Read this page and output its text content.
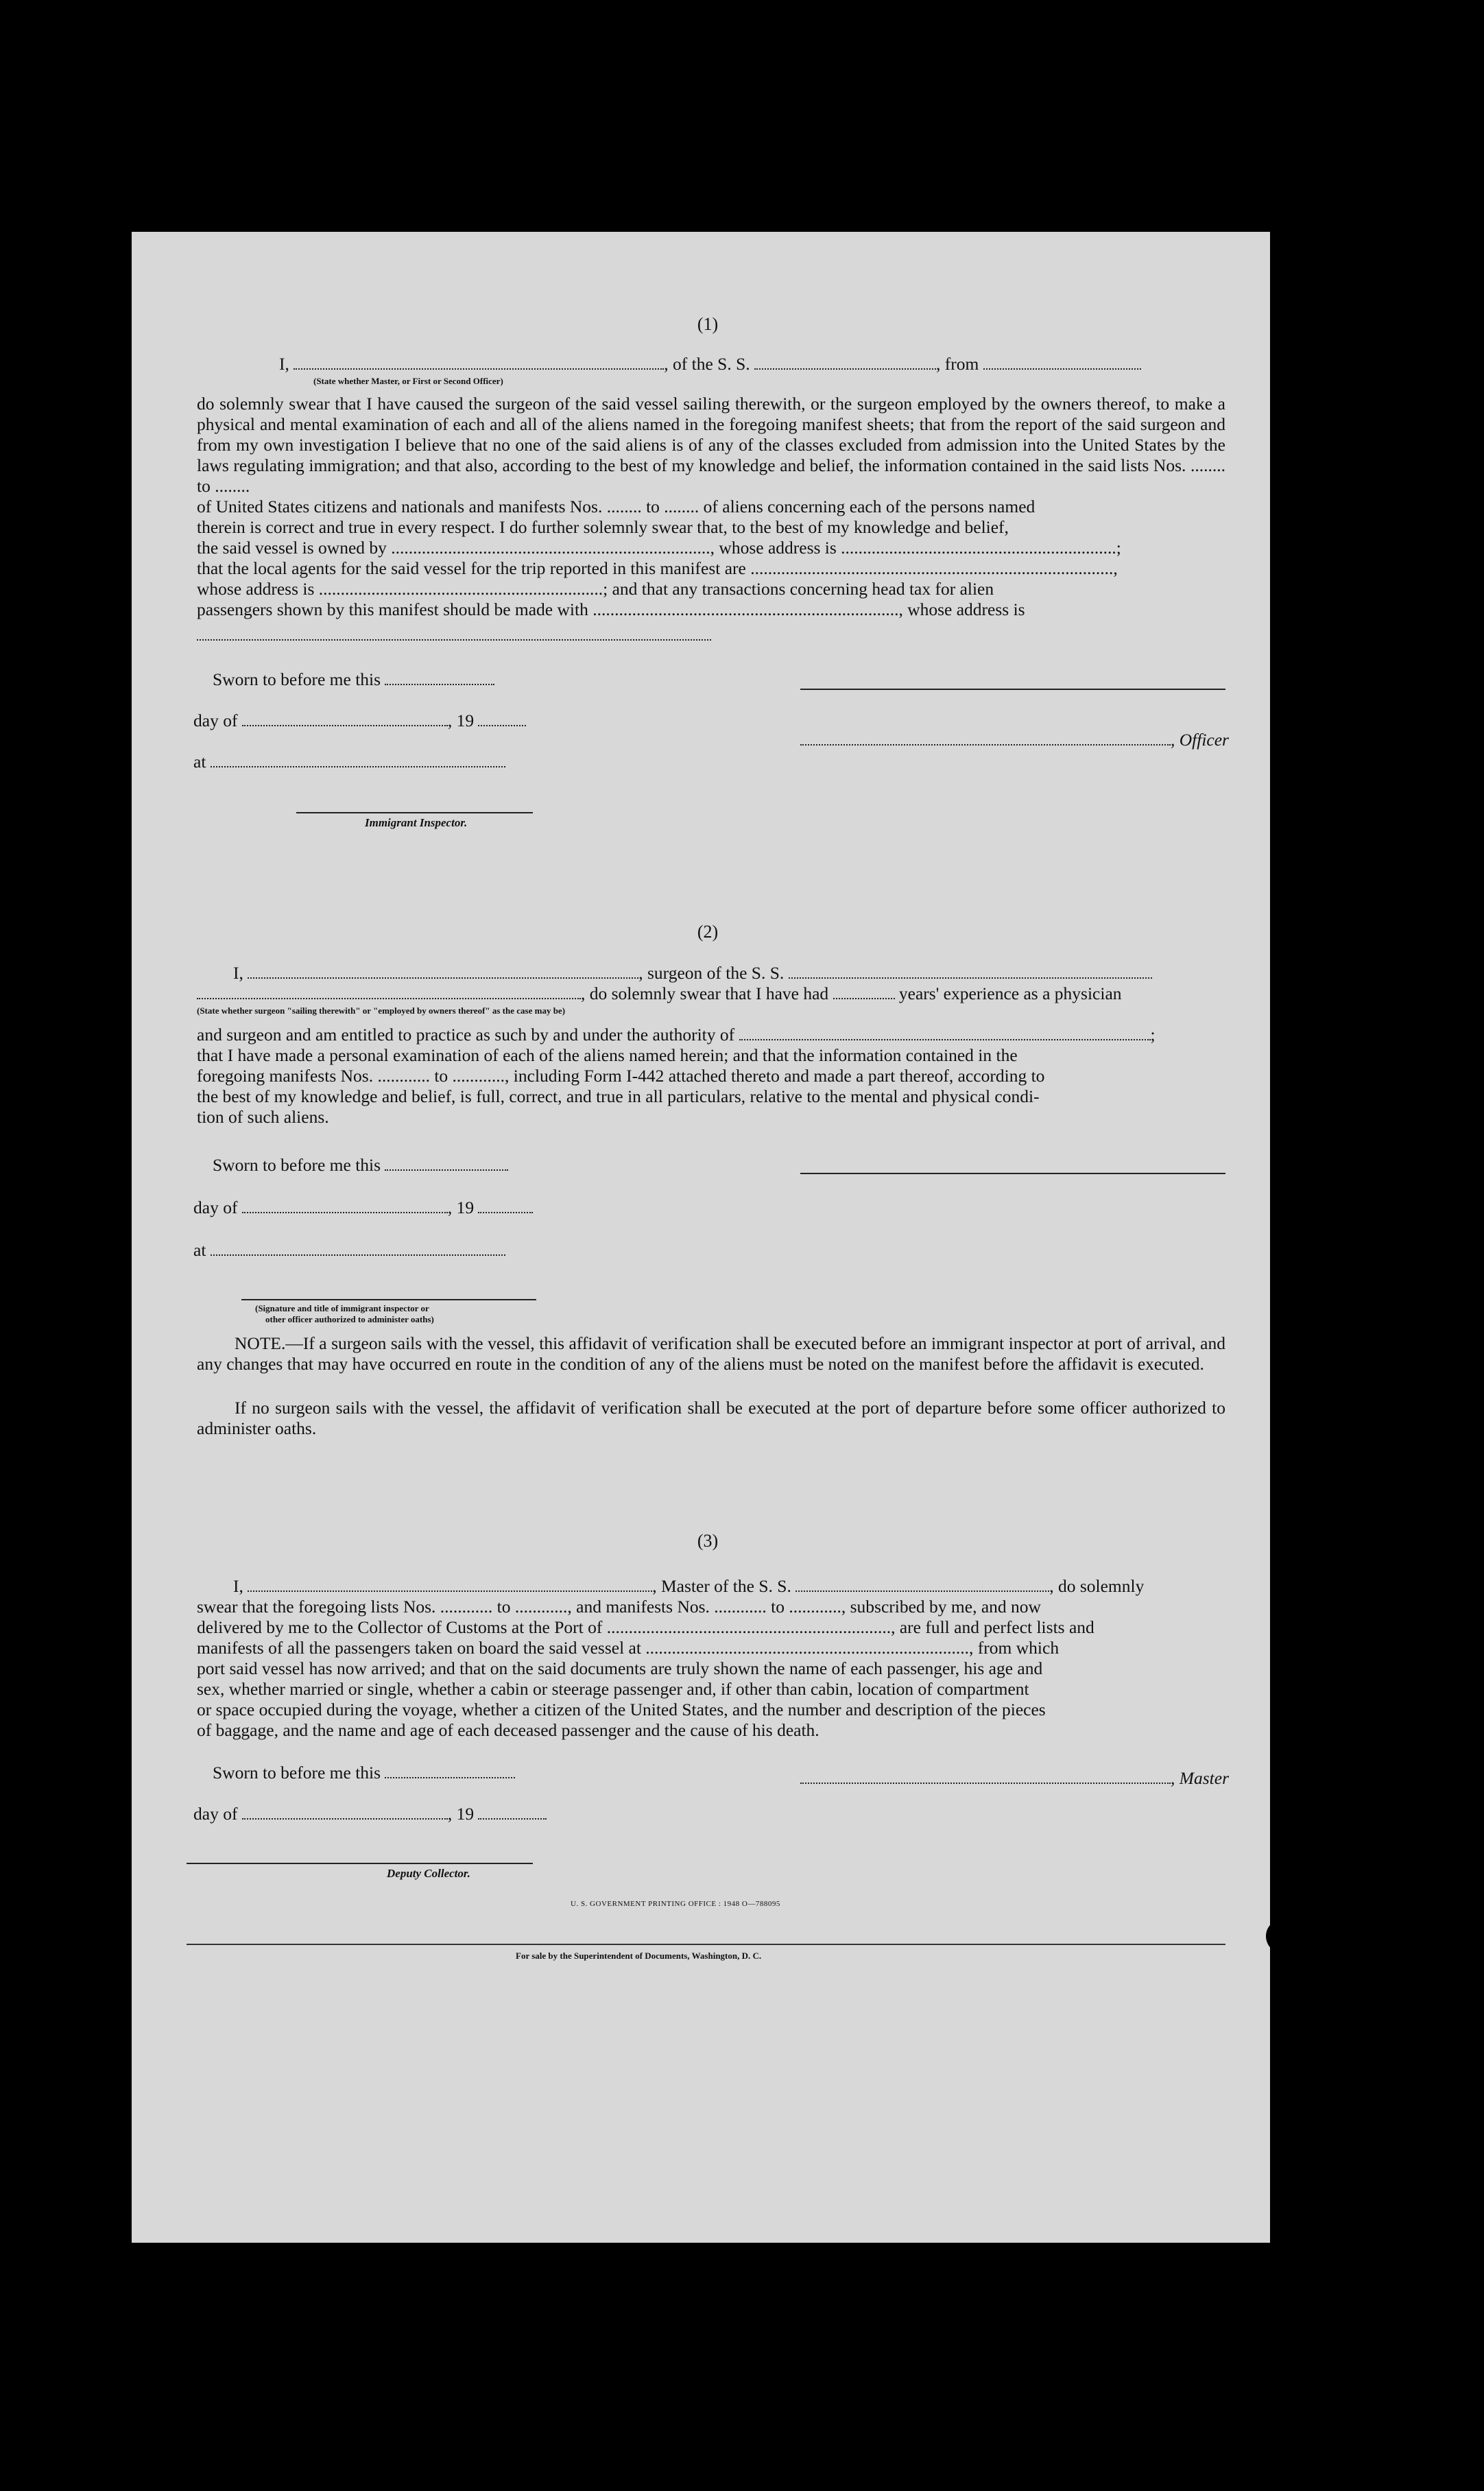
(1)
I,	, of the S. S.	, from
(State whether Master, or First or Second Officer)
do solemnly swear that I have caused the surgeon of the said vessel sailing therewith, or the surgeon employed by the owners thereof, to make a physical and mental examination of each and all of the aliens named in the foregoing manifest sheets; that from the report of the said surgeon and from my own investigation I believe that no one of the said aliens is of any of the classes excluded from admission into the United States by the laws regulating immigration; and that also, according to the best of my knowledge and belief, the information contained in the said lists Nos. ........ to ........
of United States citizens and nationals and manifests Nos. ........ to ........ of aliens concerning each of the persons named
therein is correct and true in every respect. I do further solemnly swear that, to the best of my knowledge and belief,
the said vessel is owned by ........................................................................., whose address is ...............................................................;
that the local agents for the said vessel for the trip reported in this manifest are ...................................................................................,
whose address is .................................................................; and that any transactions concerning head tax for alien
passengers shown by this manifest should be made with ......................................................................, whose address is
Sworn to before me this
day of	, 19
, Officer
at
Immigrant Inspector.
(2)
I,	, surgeon of the S. S.
, do solemnly swear that I have had	years' experience as a physician
(State whether surgeon "sailing therewith" or "employed by owners thereof" as the case may be)
and surgeon and am entitled to practice as such by and under the authority of	;
that I have made a personal examination of each of the aliens named herein; and that the information contained in the
foregoing manifests Nos. ............ to ............, including Form I-442 attached thereto and made a part thereof, according to
the best of my knowledge and belief, is full, correct, and true in all particulars, relative to the mental and physical condi-
tion of such aliens.
Sworn to before me this
day of	, 19
at
(Signature and title of immigrant inspector or
other officer authorized to administer oaths)
NOTE.—If a surgeon sails with the vessel, this affidavit of verification shall be executed before an immigrant inspector at port of arrival, and any changes that may have occurred en route in the condition of any of the aliens must be noted on the manifest before the affidavit is executed.
If no surgeon sails with the vessel, the affidavit of verification shall be executed at the port of departure before some officer authorized to administer oaths.
(3)
I,	, Master of the S. S.	, do solemnly
swear that the foregoing lists Nos. ............ to ............, and manifests Nos. ............ to ............, subscribed by me, and now
delivered by me to the Collector of Customs at the Port of ................................................................., are full and perfect lists and
manifests of all the passengers taken on board the said vessel at .........................................................................., from which
port said vessel has now arrived; and that on the said documents are truly shown the name of each passenger, his age and
sex, whether married or single, whether a cabin or steerage passenger and, if other than cabin, location of compartment
or space occupied during the voyage, whether a citizen of the United States, and the number and description of the pieces
of baggage, and the name and age of each deceased passenger and the cause of his death.
Sworn to before me this	, Master
day of	, 19
Deputy Collector.
U. S. GOVERNMENT PRINTING OFFICE : 1948 O—788095
For sale by the Superintendent of Documents, Washington, D. C.
